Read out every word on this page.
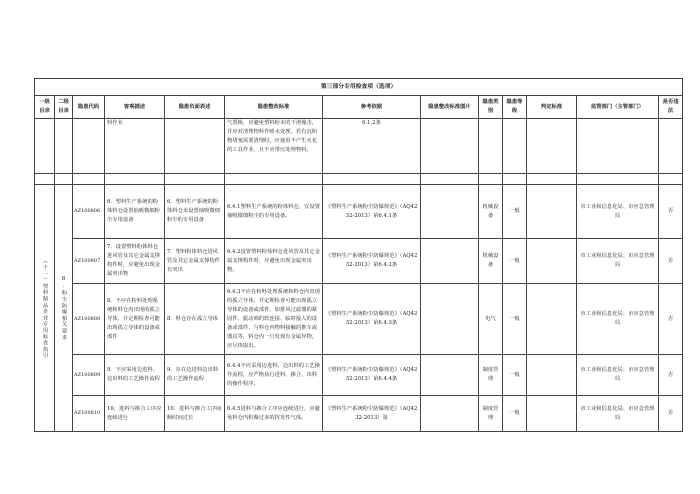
第三部分专用检查项（选项）												
一级目录	二级目录	隐患代码	客观描述	隐患负面表述	隐患整改标准	参考依据	隐患整改标准图片	隐患类别	隐患等级	判定标准	监管部门（主管部门）	是否违法
			料作业		气置换，应避免塑料粉末的下滑撞击，并应对清理物料作喷水处理，若有沉积物堵塞需要清理时，应使用不产生火花的工具作业，且不应带压处理物料。	6.1.2条						

（十一）塑料制品企业专用检查指引	8.粉尘防爆相关要求	AZ100806	6．塑料生产系统的粉体料仓设置抽吸微细粉尘专用设备	6．塑料生产系统的粉体料仓未设置抽吸微细粉尘的专用设备	6.4.1塑料生产系统的粉体料仓，宜设置抽吸微细粉尘的专用设备。	《塑料生产系统粉尘防爆规范》（AQ4232-2013）第6.4.1条		机械设备	一般		市工业和信息化局、市应急管理局	否
		AZ100807	7．设置塑料粉体料仓进风管及其它金属支撑构件时，应避免出现金属突出物	7．塑料粉体料仓进风管及其它金属支撑构件有突出	6.4.2设置塑料粉体料仓进风管及其它金属支撑构件时，应避免出现金属突出物。	《塑料生产系统粉尘防爆规范》（AQ4232-2013）第6.4.2条		机械设备	一般		市工业和信息化局、市应急管理局	否
		AZ100808	8．不应在粉料处理系统和料仓内出现的孤立导体，并定期检查可能出现孤立导体的设备或部件	8．料仓存在孤立导体	6.4.3不应在粉料处理系统和料仓内出现的孤立导体，并定期检查可能出现孤立导体的设备或部件，如排风过滤器的紧固件、振动筛的软连接、临时接入的设备或部件、与料仓内物料接触的推车或器具等，料仓内一旦发现有金属异物，应尽快取出。	《塑料生产系统粉尘防爆规范》（AQ4232-2013）第6.4.3条		电气	一般		市工业和信息化局、市应急管理局	否
		AZ100809	9．不应采用边进料、边出料的工艺操作流程	9．存在边进料边出料的工艺操作流程	6.4.4不应采用边进料、边出料的工艺操作流程，应严格执行进料、掺合、出料的操作程序。	《塑料生产系统粉尘防爆规范》（AQ4232-2013）第6.4.4条		制度管理	一般		市工业和信息化局、市应急管理局	否
		AZ100810	10．进料与掺合工序应连续进行	10．进料与掺合工序间断时间过长	6.4.5进料与掺合工序应连续进行，应避免料仓内积聚过多的挥发性气体。	《塑料生产系统粉尘防爆规范》（AQ4232-2013）第		制度管理	一般		市工业和信息化局、市应急管理局	否
